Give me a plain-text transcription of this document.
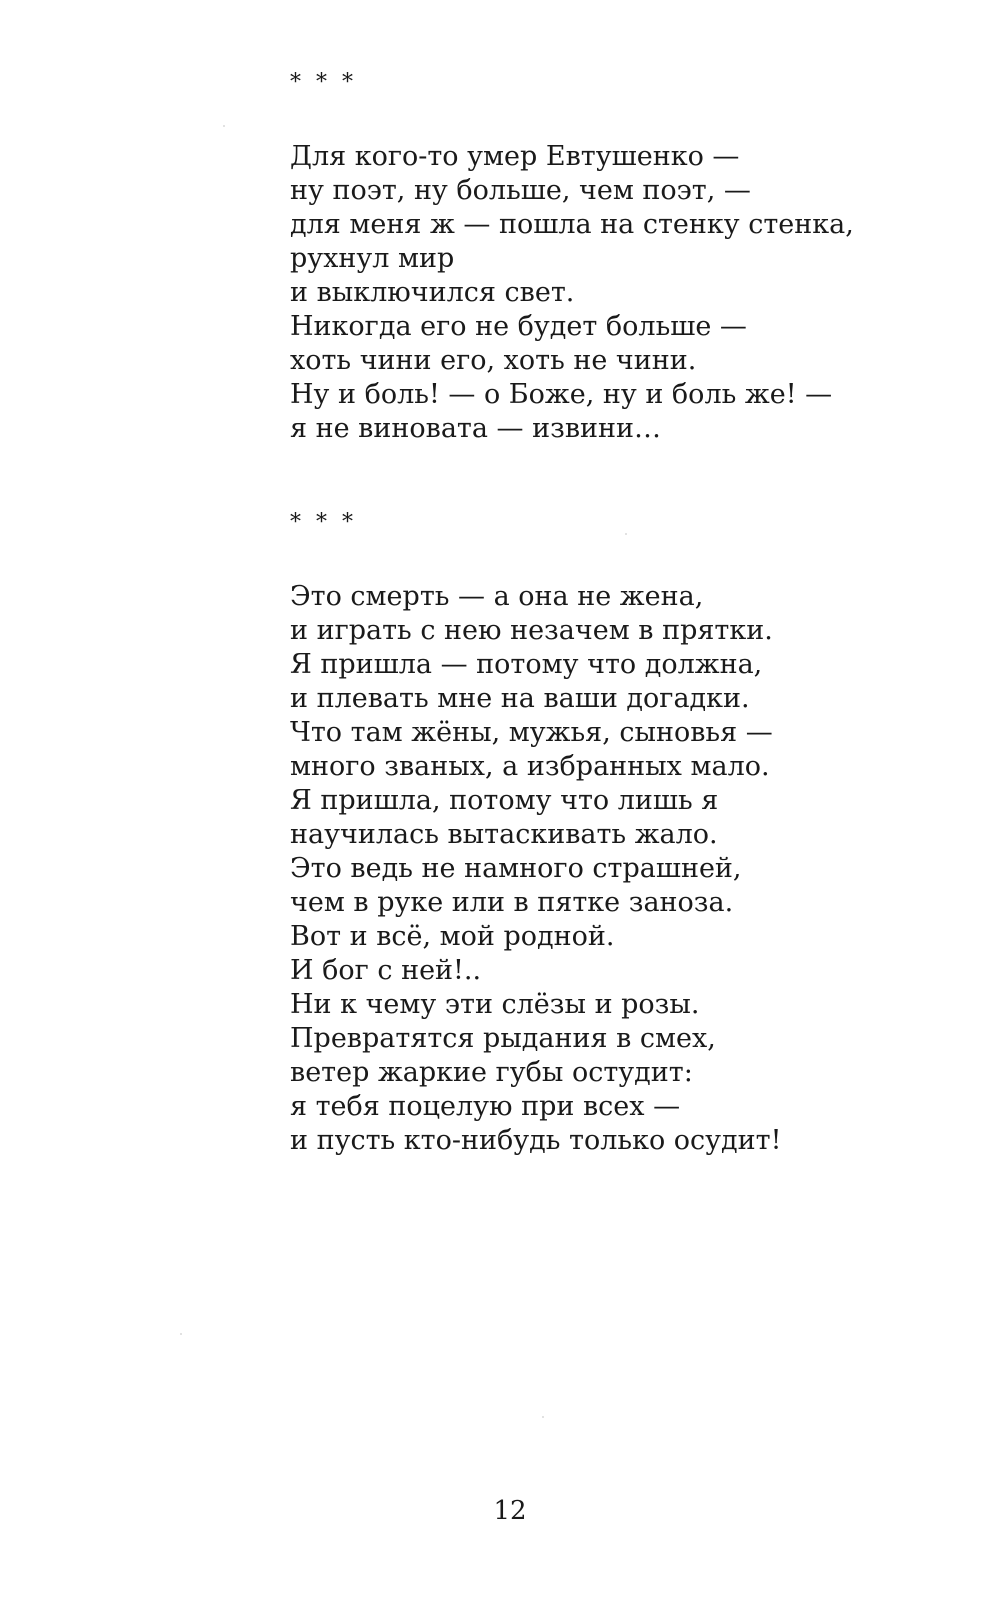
* * *
Для кого-то умер Евтушенко —
ну поэт, ну больше, чем поэт, —
для меня ж — пошла на стенку стенка,
рухнул мир
и выключился свет.
Никогда его не будет больше —
хоть чини его, хоть не чини.
Ну и боль! — о Боже, ну и боль же! —
я не виновата — извини…
* * *
Это смерть — а она не жена,
и играть с нею незачем в прятки.
Я пришла — потому что должна,
и плевать мне на ваши догадки.
Что там жёны, мужья, сыновья —
много званых, а избранных мало.
Я пришла, потому что лишь я
научилась вытаскивать жало.
Это ведь не намного страшней,
чем в руке или в пятке заноза.
Вот и всё, мой родной.
И бог с ней!..
Ни к чему эти слёзы и розы.
Превратятся рыдания в смех,
ветер жаркие губы остудит:
я тебя поцелую при всех —
и пусть кто-нибудь только осудит!
12
